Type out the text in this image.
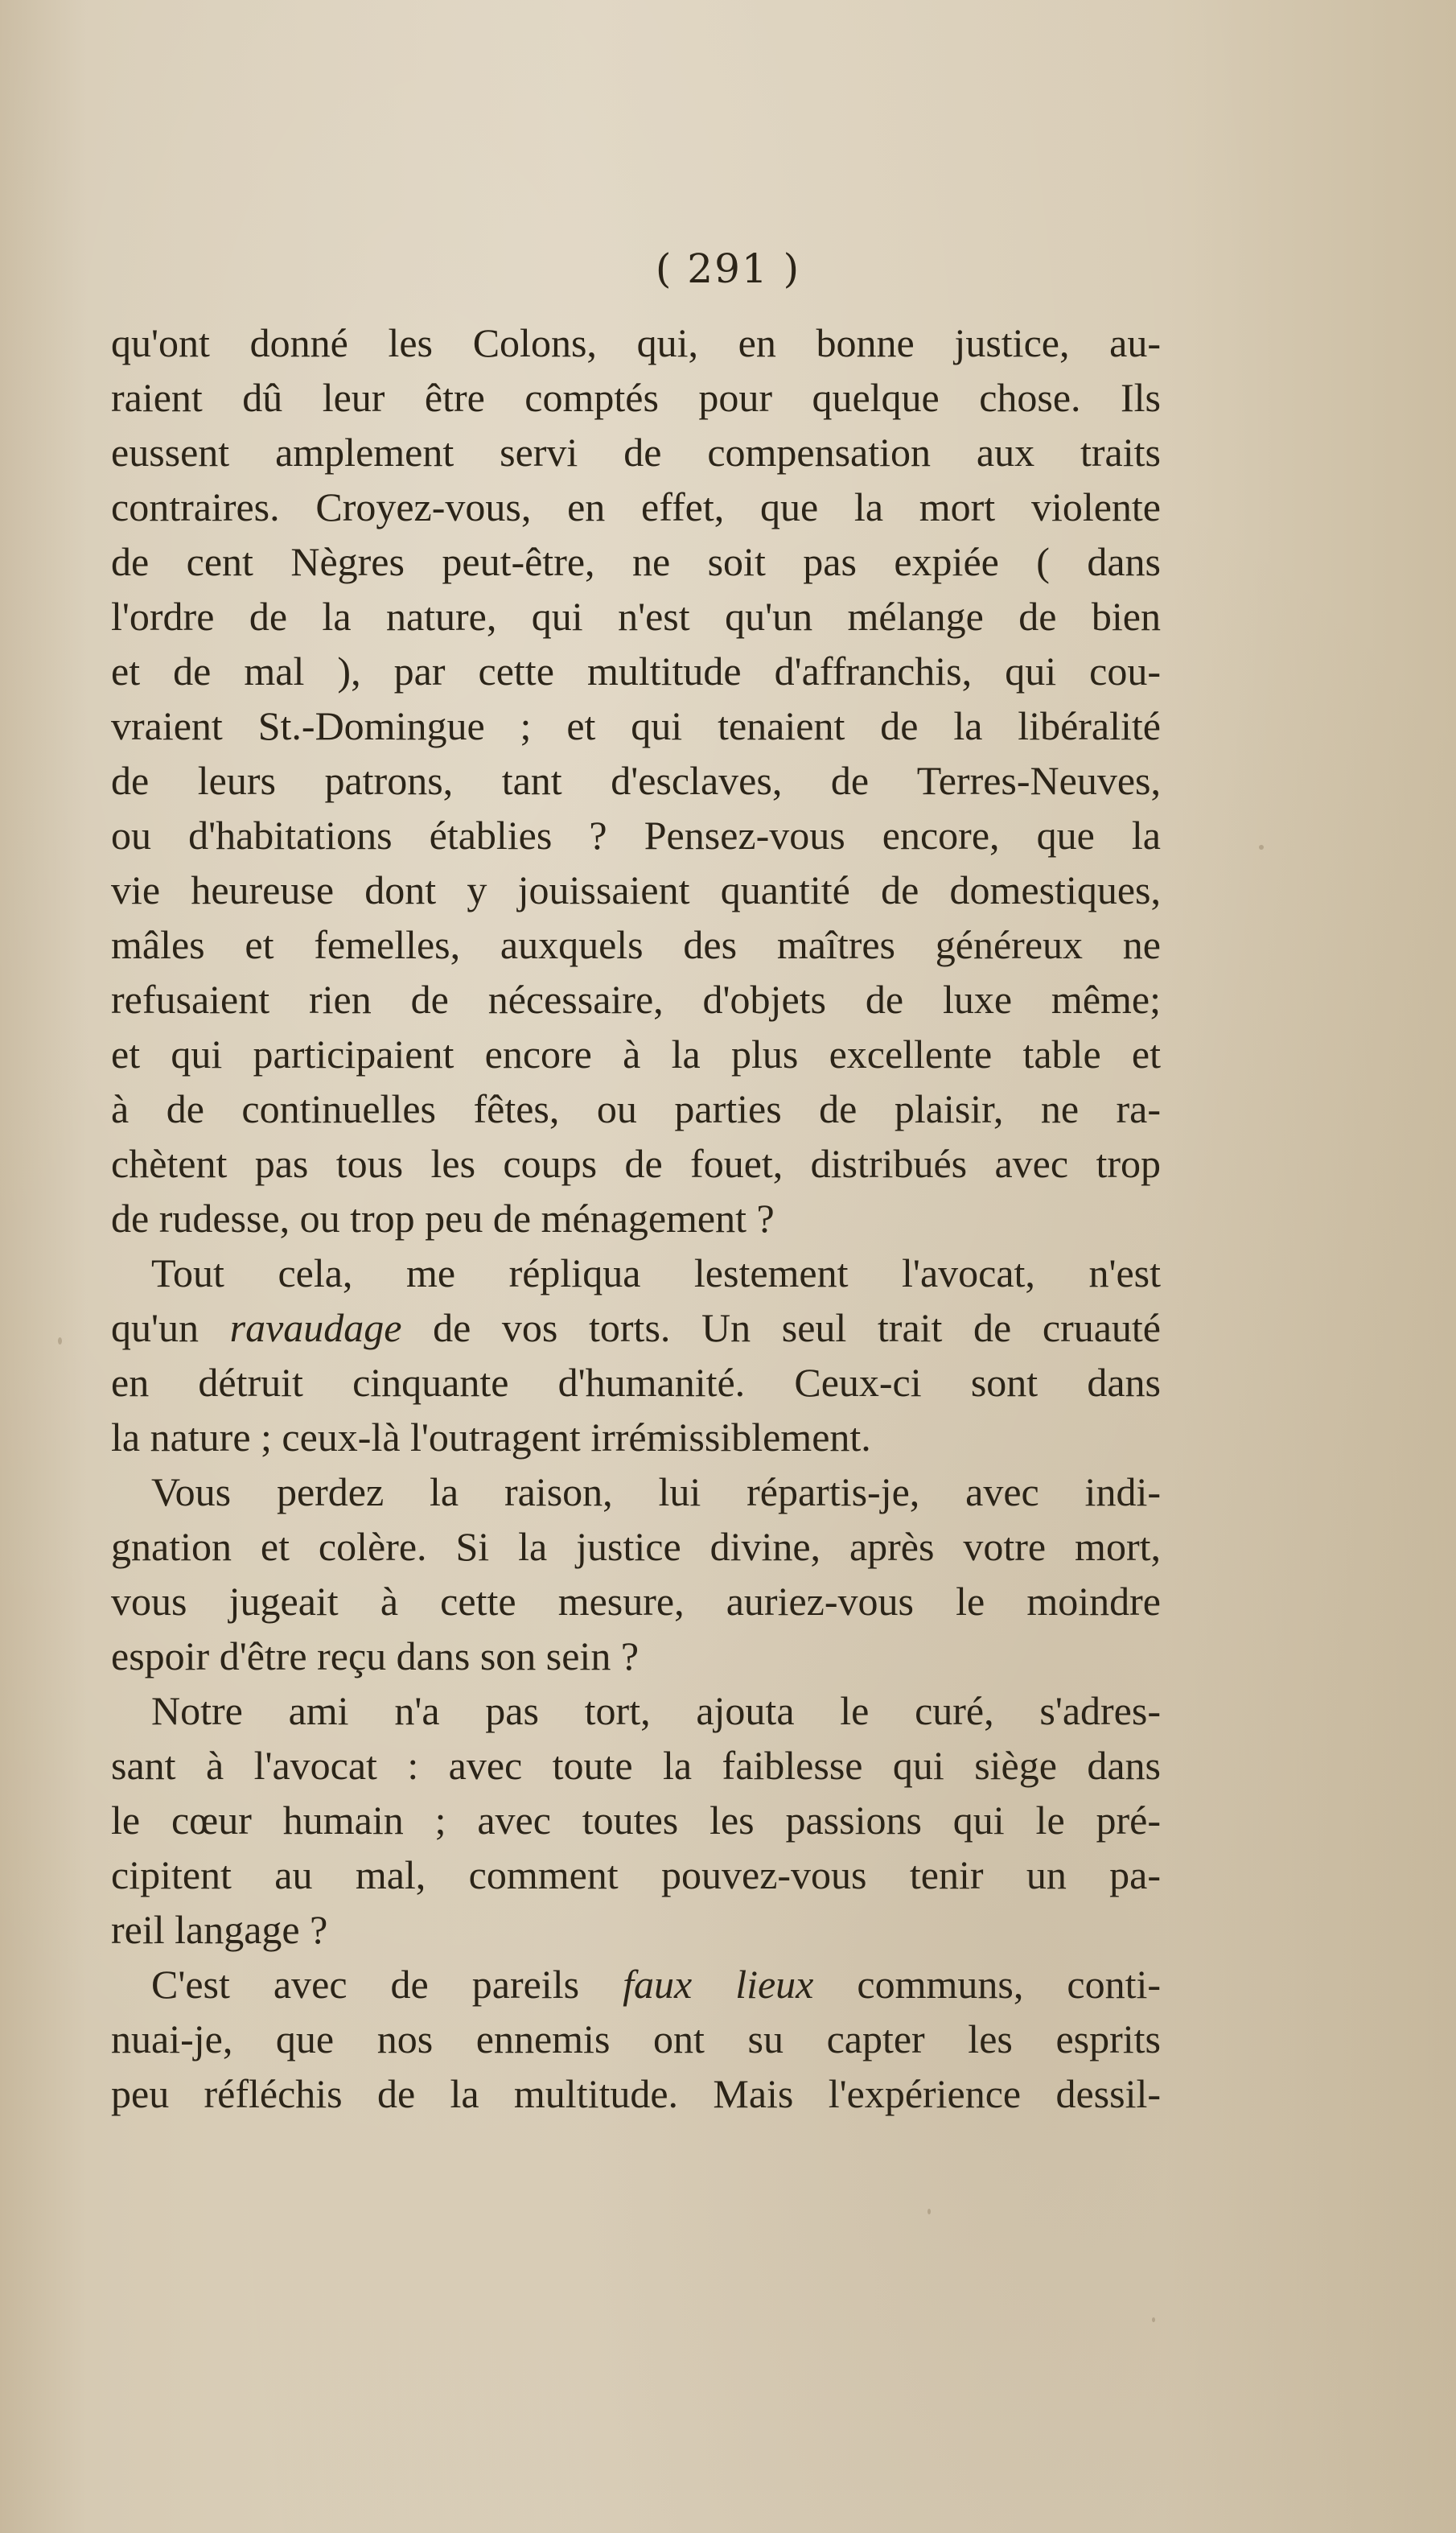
( 291 )
qu'ont donné les Colons, qui, en bonne justice, au-
raient dû leur être comptés pour quelque chose. Ils
eussent amplement servi de compensation aux traits
contraires. Croyez-vous, en effet, que la mort violente
de cent Nègres peut-être, ne soit pas expiée ( dans
l'ordre de la nature, qui n'est qu'un mélange de bien
et de mal ), par cette multitude d'affranchis, qui cou-
vraient St.-Domingue ; et qui tenaient de la libéralité
de leurs patrons, tant d'esclaves, de Terres-Neuves,
ou d'habitations établies ? Pensez-vous encore, que la
vie heureuse dont y jouissaient quantité de domestiques,
mâles et femelles, auxquels des maîtres généreux ne
refusaient rien de nécessaire, d'objets de luxe même;
et qui participaient encore à la plus excellente table et
à de continuelles fêtes, ou parties de plaisir, ne ra-
chètent pas tous les coups de fouet, distribués avec trop
de rudesse, ou trop peu de ménagement ?
Tout cela, me répliqua lestement l'avocat, n'est
qu'un ravaudage de vos torts. Un seul trait de cruauté
en détruit cinquante d'humanité. Ceux-ci sont dans
la nature ; ceux-là l'outragent irrémissiblement.
Vous perdez la raison, lui répartis-je, avec indi-
gnation et colère. Si la justice divine, après votre mort,
vous jugeait à cette mesure, auriez-vous le moindre
espoir d'être reçu dans son sein ?
Notre ami n'a pas tort, ajouta le curé, s'adres-
sant à l'avocat : avec toute la faiblesse qui siège dans
le cœur humain ; avec toutes les passions qui le pré-
cipitent au mal, comment pouvez-vous tenir un pa-
reil langage ?
C'est avec de pareils faux lieux communs, conti-
nuai-je, que nos ennemis ont su capter les esprits
peu réfléchis de la multitude. Mais l'expérience dessil-
